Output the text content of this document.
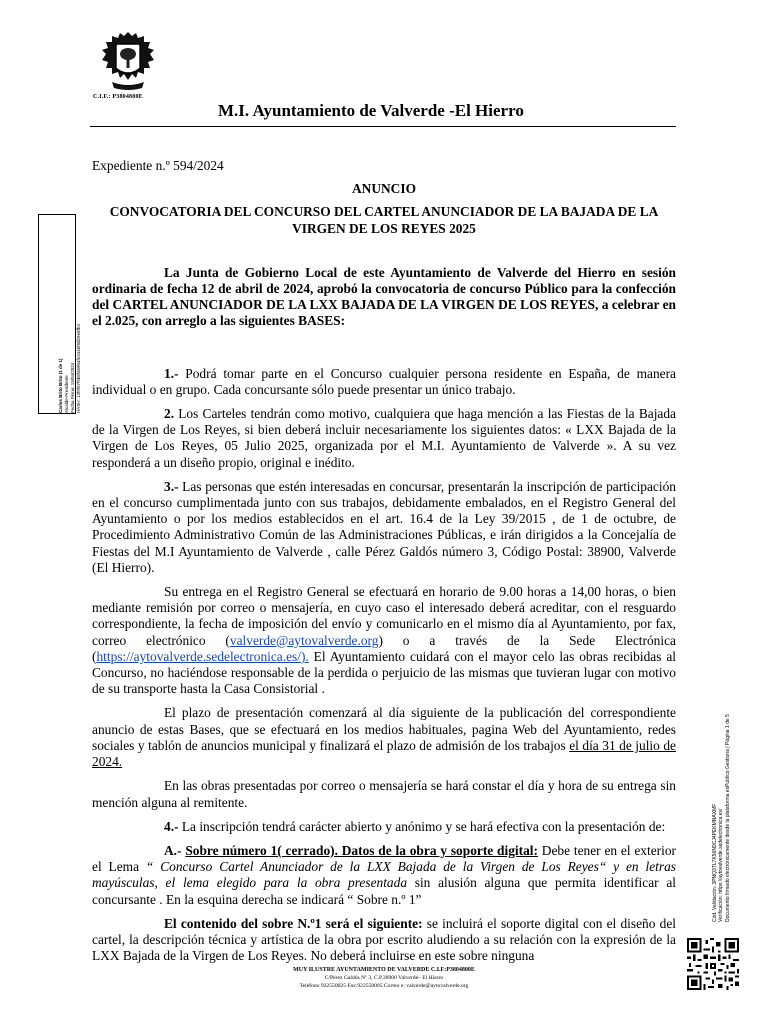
C.I.F.: P3804800E
M.I. Ayuntamiento de Valverde -El Hierro
Carlos Brito Brito (1 de 1) Alcalde-Presidente Fecha Firma: 19/04/2024 HASH: 13f9f97f9b8f46904fe3446f8d29e8fb3
Cód. Validación: 3PNQ3TL7K56N9CJ4PEKMNAXMF Verificación: https://aytovalverde.sedelectronica.es/ Documento firmado electrónicamente desde la plataforma esPublico Gestiona | Página 1 de 5

Expediente n.º 594/2024

ANUNCIO

CONVOCATORIA DEL CONCURSO DEL CARTEL ANUNCIADOR DE LA BAJADA DE LA VIRGEN DE LOS REYES 2025

La Junta de Gobierno Local de este Ayuntamiento de Valverde del Hierro en sesión ordinaria de fecha 12 de abril de 2024, aprobó la convocatoria de concurso Público para la confección del CARTEL ANUNCIADOR DE LA LXX BAJADA DE LA VIRGEN DE LOS REYES, a celebrar en el 2.025, con arreglo a las siguientes BASES:

1.- Podrá tomar parte en el Concurso cualquier persona residente en España, de manera individual o en grupo. Cada concursante sólo puede presentar un único trabajo.

2. Los Carteles tendrán como motivo, cualquiera que haga mención a las Fiestas de la Bajada de la Virgen de Los Reyes, si bien deberá incluir necesariamente los siguientes datos: « LXX Bajada de la Virgen de Los Reyes, 05 Julio 2025, organizada por el M.I. Ayuntamiento de Valverde ». A su vez responderá a un diseño propio, original e inédito.

3.- Las personas que estén interesadas en concursar, presentarán la inscripción de participación en el concurso cumplimentada junto con sus trabajos, debidamente embalados, en el Registro General del Ayuntamiento o por los medios establecidos en el art. 16.4 de la Ley 39/2015 , de 1 de octubre, de Procedimiento Administrativo Común de las Administraciones Públicas, e irán dirigidos a la Concejalía de Fiestas del M.I Ayuntamiento de Valverde , calle Pérez Galdós número 3, Código Postal: 38900, Valverde (El Hierro).

Su entrega en el Registro General se efectuará en horario de 9.00 horas a 14,00 horas, o bien mediante remisión por correo o mensajería, en cuyo caso el interesado deberá acreditar, con el resguardo correspondiente, la fecha de imposición del envío y comunicarlo en el mismo día al Ayuntamiento, por fax, correo electrónico (valverde@aytovalverde.org) o a través de la Sede Electrónica (https://aytovalverde.sedelectronica.es/). El Ayuntamiento cuidará con el mayor celo las obras recibidas al Concurso, no haciéndose responsable de la perdida o perjuicio de las mismas que tuvieran lugar con motivo de su transporte hasta la Casa Consistorial .

El plazo de presentación comenzará al día siguiente de la publicación del correspondiente anuncio de estas Bases, que se efectuará en los medios habituales, pagina Web del Ayuntamiento, redes sociales y tablón de anuncios municipal y finalizará el plazo de admisión de los trabajos el día 31 de julio de 2024.

En las obras presentadas por correo o mensajería se hará constar el día y hora de su entrega sin mención alguna al remitente.

4.- La inscripción tendrá carácter abierto y anónimo y se hará efectiva con la presentación de:

A.- Sobre número 1( cerrado). Datos de la obra y soporte digital: Debe tener en el exterior el Lema “ Concurso Cartel Anunciador de la LXX Bajada de la Virgen de Los Reyes“ y en letras mayúsculas, el lema elegido para la obra presentada sin alusión alguna que permita identificar al concursante . En la esquina derecha se indicará “ Sobre n.º 1”

El contenido del sobre N.º1 será el siguiente: se incluirá el soporte digital con el diseño del cartel, la descripción técnica y artística de la obra por escrito aludiendo a su relación con la expresión de la LXX Bajada de la Virgen de Los Reyes. No deberá incluirse en este sobre ninguna

MUY ILUSTRE AYUNTAMIENTO DE VALVERDE C.I.F:P3804800E
C/Pérez Galdós Nº 3, C.P.38900 Valverde– El Hierro
Teléfono 922550025 Fax:922550005 Correo e: valverde@aytovalverde.org
